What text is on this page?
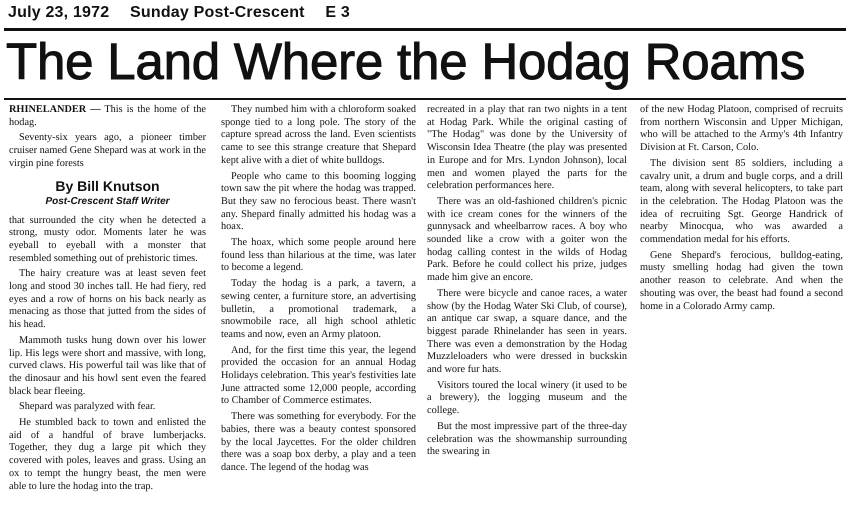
July 23, 1972 Sunday Post-Crescent E 3
The Land Where the Hodag Roams

RHINELANDER — This is the home of the hodag.

Seventy-six years ago, a pioneer timber cruiser named Gene Shepard was at work in the virgin pine forests

By Bill Knutson
Post-Crescent Staff Writer

that surrounded the city when he detected a strong, musty odor. Moments later he was eyeball to eyeball with a monster that resembled something out of prehistoric times.

The hairy creature was at least seven feet long and stood 30 inches tall. He had fiery, red eyes and a row of horns on his back nearly as menacing as those that jutted from the sides of his head.

Mammoth tusks hung down over his lower lip. His legs were short and massive, with long, curved claws. His powerful tail was like that of the dinosaur and his howl sent even the feared black bear fleeing.

Shepard was paralyzed with fear.

He stumbled back to town and enlisted the aid of a handful of brave lumberjacks. Together, they dug a large pit which they covered with poles, leaves and grass. Using an ox to tempt the hungry beast, the men were able to lure the hodag into the trap.

They numbed him with a chloroform soaked sponge tied to a long pole. The story of the capture spread across the land. Even scientists came to see this strange creature that Shepard kept alive with a diet of white bulldogs.

People who came to this booming logging town saw the pit where the hodag was trapped. But they saw no ferocious beast. There wasn't any. Shepard finally admitted his hodag was a hoax.

The hoax, which some people around here found less than hilarious at the time, was later to become a legend.

Today the hodag is a park, a tavern, a sewing center, a furniture store, an advertising bulletin, a promotional trademark, a snowmobile race, all high school athletic teams and now, even an Army platoon.

And, for the first time this year, the legend provided the occasion for an annual Hodag Holidays celebration. This year's festivities late June attracted some 12,000 people, according to Chamber of Commerce estimates.

There was something for everybody. For the babies, there was a beauty contest sponsored by the local Jaycettes. For the older children there was a soap box derby, a play and a teen dance. The legend of the hodag was

recreated in a play that ran two nights in a tent at Hodag Park. While the original casting of "The Hodag" was done by the University of Wisconsin Idea Theatre (the play was presented in Europe and for Mrs. Lyndon Johnson), local men and women played the parts for the celebration performances here.

There was an old-fashioned children's picnic with ice cream cones for the winners of the gunnysack and wheelbarrow races. A boy who sounded like a crow with a goiter won the hodag calling contest in the wilds of Hodag Park. Before he could collect his prize, judges made him give an encore.

There were bicycle and canoe races, a water show (by the Hodag Water Ski Club, of course), an antique car swap, a square dance, and the biggest parade Rhinelander has seen in years. There was even a demonstration by the Hodag Muzzleloaders who were dressed in buckskin and wore fur hats.

Visitors toured the local winery (it used to be a brewery), the logging museum and the college.

But the most impressive part of the three-day celebration was the showmanship surrounding the swearing in

of the new Hodag Platoon, comprised of recruits from northern Wisconsin and Upper Michigan, who will be attached to the Army's 4th Infantry Division at Ft. Carson, Colo.

The division sent 85 soldiers, including a cavalry unit, a drum and bugle corps, and a drill team, along with several helicopters, to take part in the celebration. The Hodag Platoon was the idea of recruiting Sgt. George Handrick of nearby Minocqua, who was awarded a commendation medal for his efforts.

Gene Shepard's ferocious, bulldog-eating, musty smelling hodag had given the town another reason to celebrate. And when the shouting was over, the beast had found a second home in a Colorado Army camp.
